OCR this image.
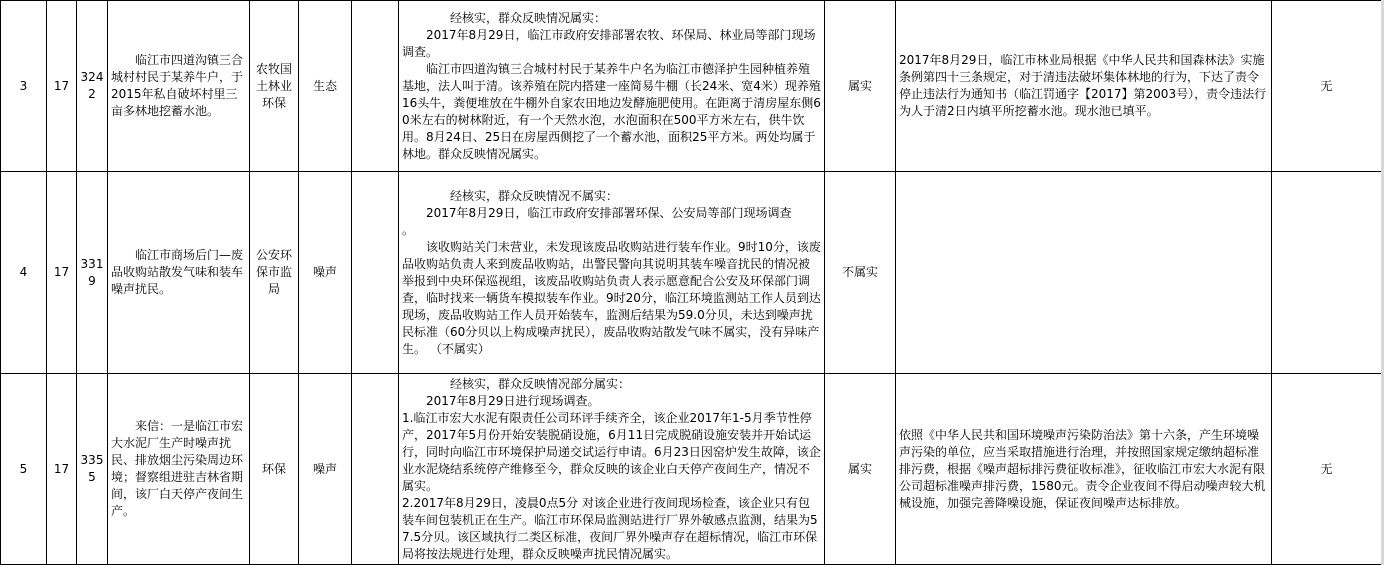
3	17	3242	临江市四道沟镇三合城村村民于某养牛户，于2015年私自破坏村里三亩多林地挖蓄水池。	农牧国土林业环保	生态		经核实，群众反映情况属实：
2017年8月29日，临江市政府安排部署农牧、环保局、林业局等部门现场调查。
临江市四道沟镇三合城村村民于某养牛户名为临江市德泽护生园种植养殖基地，法人叫于清。该养殖在院内搭建一座简易牛棚（长24米、宽4米）现养殖16头牛，粪便堆放在牛棚外自家农田地边发酵施肥使用。在距离于清房屋东侧60米左右的树林附近，有一个天然水泡，水泡面积在500平方米左右，供牛饮用。8月24日、25日在房屋西侧挖了一个蓄水池，面积25平方米。两处均属于林地。群众反映情况属实。	属实	2017年8月29日，临江市林业局根据《中华人民共和国森林法》实施条例第四十三条规定，对于清违法破坏集体林地的行为，下达了责令停止违法行为通知书（临江罚通字【2017】第2003号），责令违法行为人于清2日内填平所挖蓄水池。现水池已填平。	无
4	17	3319	临江市商场后门—废品收购站散发气味和装车噪声扰民。	公安环保市监局	噪声		经核实，群众反映情况不属实：
2017年8月29日，临江市政府安排部署环保、公安局等部门现场调查
。
该收购站关门未营业，未发现该废品收购站进行装车作业。9时10分，该废品收购站负责人来到废品收购站，出警民警向其说明其装车噪音扰民的情况被举报到中央环保巡视组，该废品收购站负责人表示愿意配合公安及环保部门调查，临时找来一辆货车模拟装车作业。9时20分，临江环境监测站工作人员到达现场，废品收购站工作人员开始装车，监测后结果为59.0分贝，未达到噪声扰民标准（60分贝以上构成噪声扰民），废品收购站散发气味不属实，没有异味产生。 （不属实）	不属实		
5	17	3355	来信：一是临江市宏大水泥厂生产时噪声扰民、排放烟尘污染周边环境；督察组进驻吉林省期间，该厂白天停产夜间生产。	环保	噪声		经核实，群众反映情况部分属实：
2017年8月29日进行现场调查。
1.临江市宏大水泥有限责任公司环评手续齐全，该企业2017年1-5月季节性停产，2017年5月份开始安装脱硝设施，6月11日完成脱硝设施安装并开始试运行，同时向临江市环境保护局递交试运行申请。6月23日因窑炉发生故障，该企业水泥烧结系统停产维修至今，群众反映的该企业白天停产夜间生产，情况不属实。
2.2017年8月29日，凌晨0点5分 对该企业进行夜间现场检查，该企业只有包装车间包装机正在生产。临江市环保局监测站进行厂界外敏感点监测，结果为57.5分贝。该区域执行二类区标准，夜间厂界外噪声存在超标情况，临江市环保局将按法规进行处理，群众反映噪声扰民情况属实。	属实	依照《中华人民共和国环境噪声污染防治法》第十六条，产生环境噪声污染的单位，应当采取措施进行治理，并按照国家规定缴纳超标准排污费，根据《噪声超标排污费征收标准》，征收临江市宏大水泥有限公司超标准噪声排污费，1580元。责令企业夜间不得启动噪声较大机械设施，加强完善降噪设施，保证夜间噪声达标排放。	无
